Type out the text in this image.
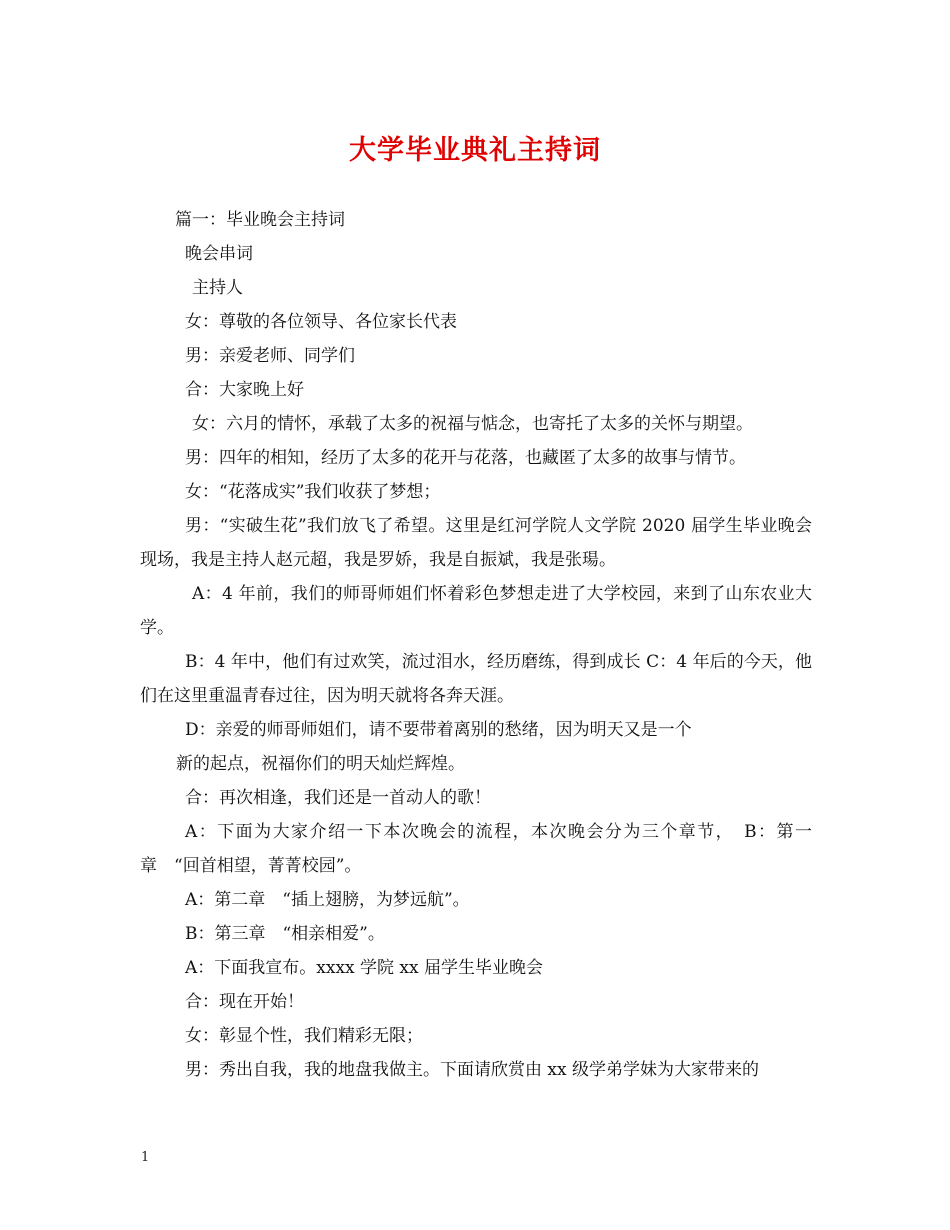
大学毕业典礼主持词
篇一：毕业晚会主持词
晚会串词
主持人
女：尊敬的各位领导、各位家长代表
男：亲爱老师、同学们
合：大家晚上好
女：六月的情怀，承载了太多的祝福与惦念，也寄托了太多的关怀与期望。
男：四年的相知，经历了太多的花开与花落，也藏匿了太多的故事与情节。
女：“花落成实”我们收获了梦想；
男：“实破生花”我们放飞了希望。这里是红河学院人文学院 2020 届学生毕业晚会现场，我是主持人赵元超，我是罗娇，我是自振斌，我是张瑒。
A：4 年前，我们的师哥师姐们怀着彩色梦想走进了大学校园，来到了山东农业大学。
B：4 年中，他们有过欢笑，流过泪水，经历磨练，得到成长 C：4 年后的今天，他们在这里重温青春过往，因为明天就将各奔天涯。
D：亲爱的师哥师姐们，请不要带着离别的愁绪，因为明天又是一个
新的起点，祝福你们的明天灿烂辉煌。
合：再次相逢，我们还是一首动人的歌！
A：下面为大家介绍一下本次晚会的流程，本次晚会分为三个章节，　B：第一章　“回首相望，菁菁校园”。
A：第二章　“插上翅膀，为梦远航”。
B：第三章　“相亲相爱”。
A：下面我宣布。xxxx 学院 xx 届学生毕业晚会
合：现在开始！
女：彰显个性，我们精彩无限；
男：秀出自我，我的地盘我做主。下面请欣赏由 xx 级学弟学妹为大家带来的
1
